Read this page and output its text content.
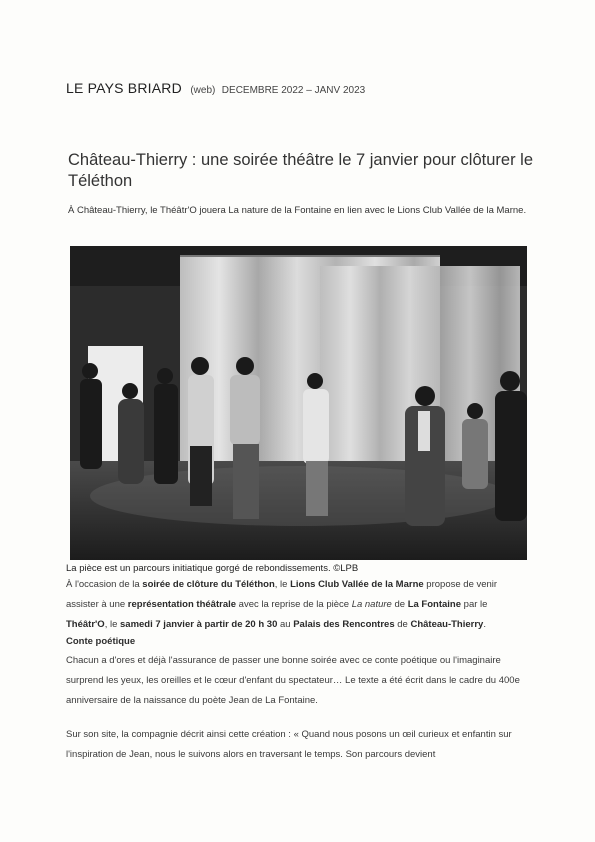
LE PAYS BRIARD (web) DECEMBRE 2022 – JANV 2023
Château-Thierry : une soirée théâtre le 7 janvier pour clôturer le Téléthon
À Château-Thierry, le Théâtr'O jouera La nature de la Fontaine en lien avec le Lions Club Vallée de la Marne.
La pièce est un parcours initiatique gorgé de rebondissements. ©LPB

À l'occasion de la soirée de clôture du Téléthon, le Lions Club Vallée de la Marne propose de venir assister à une représentation théâtrale avec la reprise de la pièce La nature de La Fontaine par le Théâtr'O, le samedi 7 janvier à partir de 20 h 30 au Palais des Rencontres de Château-Thierry.

Conte poétique

Chacun a d'ores et déjà l'assurance de passer une bonne soirée avec ce conte poétique ou l'imaginaire surprend les yeux, les oreilles et le cœur d'enfant du spectateur… Le texte a été écrit dans le cadre du 400e anniversaire de la naissance du poète Jean de La Fontaine.

Sur son site, la compagnie décrit ainsi cette création : « Quand nous posons un œil curieux et enfantin sur l'inspiration de Jean, nous le suivons alors en traversant le temps. Son parcours devient
